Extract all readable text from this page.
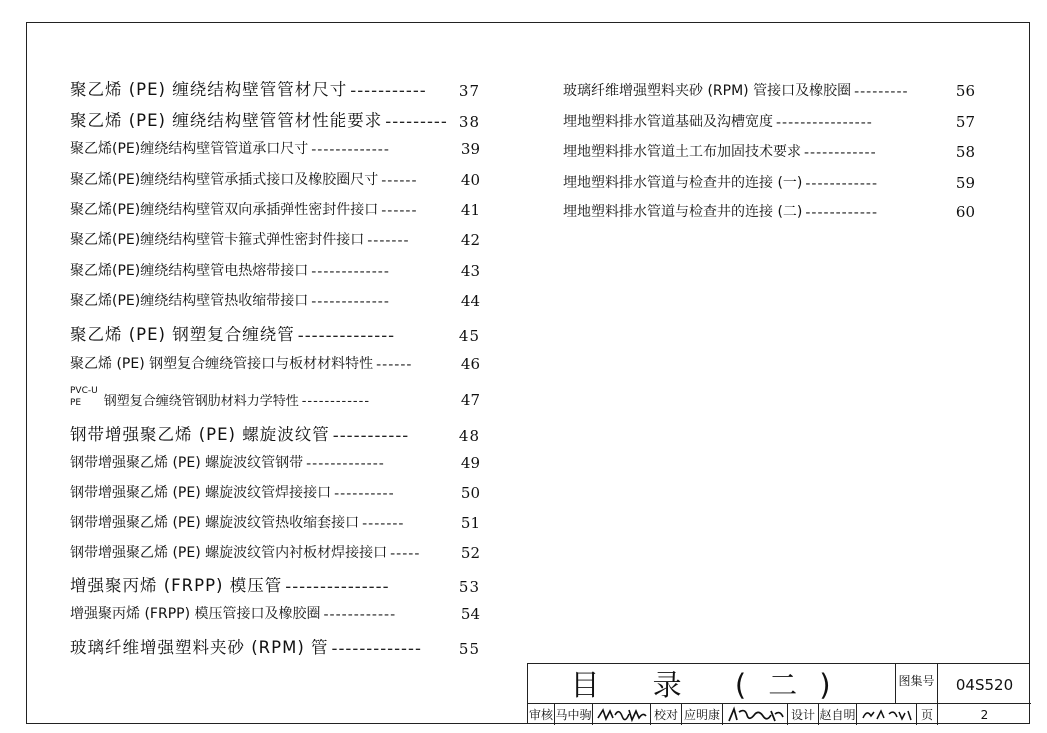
聚乙烯 (PE) 缠绕结构壁管管材尺寸 -----------	37
聚乙烯 (PE) 缠绕结构壁管管材性能要求 --------- 38
聚乙烯(PE)缠绕结构壁管管道承口尺寸 -------------	39
聚乙烯(PE)缠绕结构壁管承插式接口及橡胶圈尺寸 ------	40
聚乙烯(PE)缠绕结构壁管双向承插弹性密封件接口 ------	41
聚乙烯(PE)缠绕结构壁管卡箍式弹性密封件接口 -------	42
聚乙烯(PE)缠绕结构壁管电热熔带接口 -------------	43
聚乙烯(PE)缠绕结构壁管热收缩带接口 -------------	44
聚乙烯 (PE) 钢塑复合缠绕管 --------------	45
聚乙烯 (PE) 钢塑复合缠绕管接口与板材材料特性 ------	46
PVC-U
PE	钢塑复合缠绕管钢肋材料力学特性 ------------	47
钢带增强聚乙烯 (PE) 螺旋波纹管 -----------	48
钢带增强聚乙烯 (PE) 螺旋波纹管钢带 -------------	49
钢带增强聚乙烯 (PE) 螺旋波纹管焊接接口 ----------	50
钢带增强聚乙烯 (PE) 螺旋波纹管热收缩套接口 -------	51
钢带增强聚乙烯 (PE) 螺旋波纹管内衬板材焊接接口 -----	52
增强聚丙烯 (FRPP) 模压管 ---------------	53
增强聚丙烯 (FRPP) 模压管接口及橡胶圈 ------------	54
玻璃纤维增强塑料夹砂 (RPM) 管 -------------	55
玻璃纤维增强塑料夹砂 (RPM) 管接口及橡胶圈 ---------	56
埋地塑料排水管道基础及沟槽宽度 ----------------	57
埋地塑料排水管道土工布加固技术要求 ------------	58
埋地塑料排水管道与检查井的连接 (一) ------------	59
埋地塑料排水管道与检查井的连接 (二) ------------	60
目 录 (二)	图集号	04S520
审核 马中驹	校对 应明康	设计 赵自明	页	2
